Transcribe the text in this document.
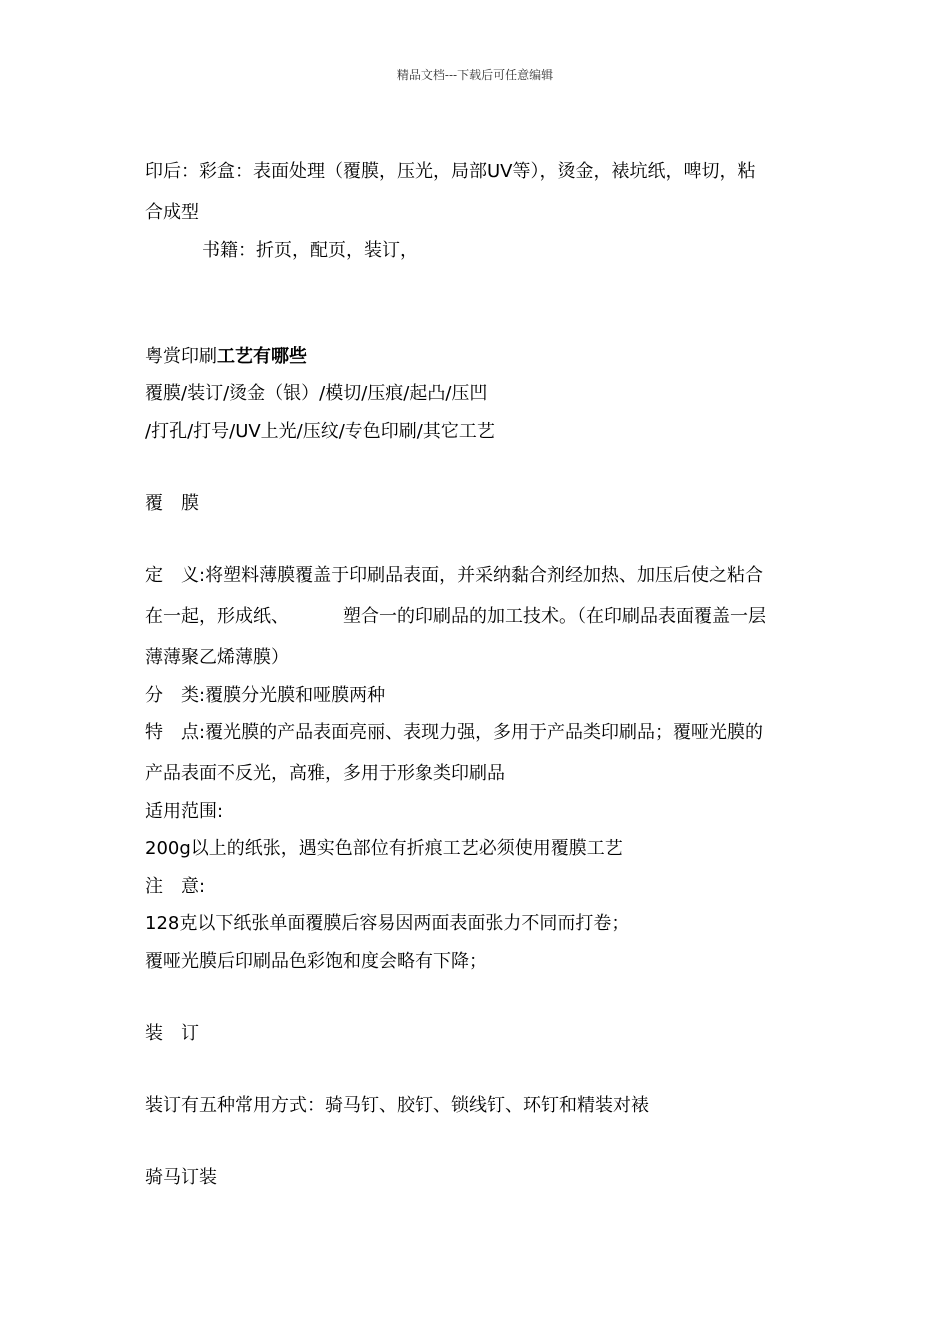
精品文档---下载后可任意编辑
印后：彩盒：表面处理（覆膜，压光，局部UV等），烫金，裱坑纸，啤切，粘
合成型
书籍：折页，配页，装订，
粤赏印刷工艺有哪些
覆膜/装订/烫金（银）/模切/压痕/起凸/压凹
/打孔/打号/UV上光/压纹/专色印刷/其它工艺
覆　膜
定　义:将塑料薄膜覆盖于印刷品表面，并采纳黏合剂经加热、加压后使之粘合
在一起，形成纸、	塑合一的印刷品的加工技术。（在印刷品表面覆盖一层
薄薄聚乙烯薄膜）
分　类:覆膜分光膜和哑膜两种
特　点:覆光膜的产品表面亮丽、表现力强，多用于产品类印刷品；覆哑光膜的
产品表面不反光，高雅，多用于形象类印刷品
适用范围:
200g以上的纸张，遇实色部位有折痕工艺必须使用覆膜工艺
注　意:
128克以下纸张单面覆膜后容易因两面表面张力不同而打卷；
覆哑光膜后印刷品色彩饱和度会略有下降；
装　订
装订有五种常用方式：骑马钉、胶钉、锁线钉、环钉和精装对裱
骑马订装
